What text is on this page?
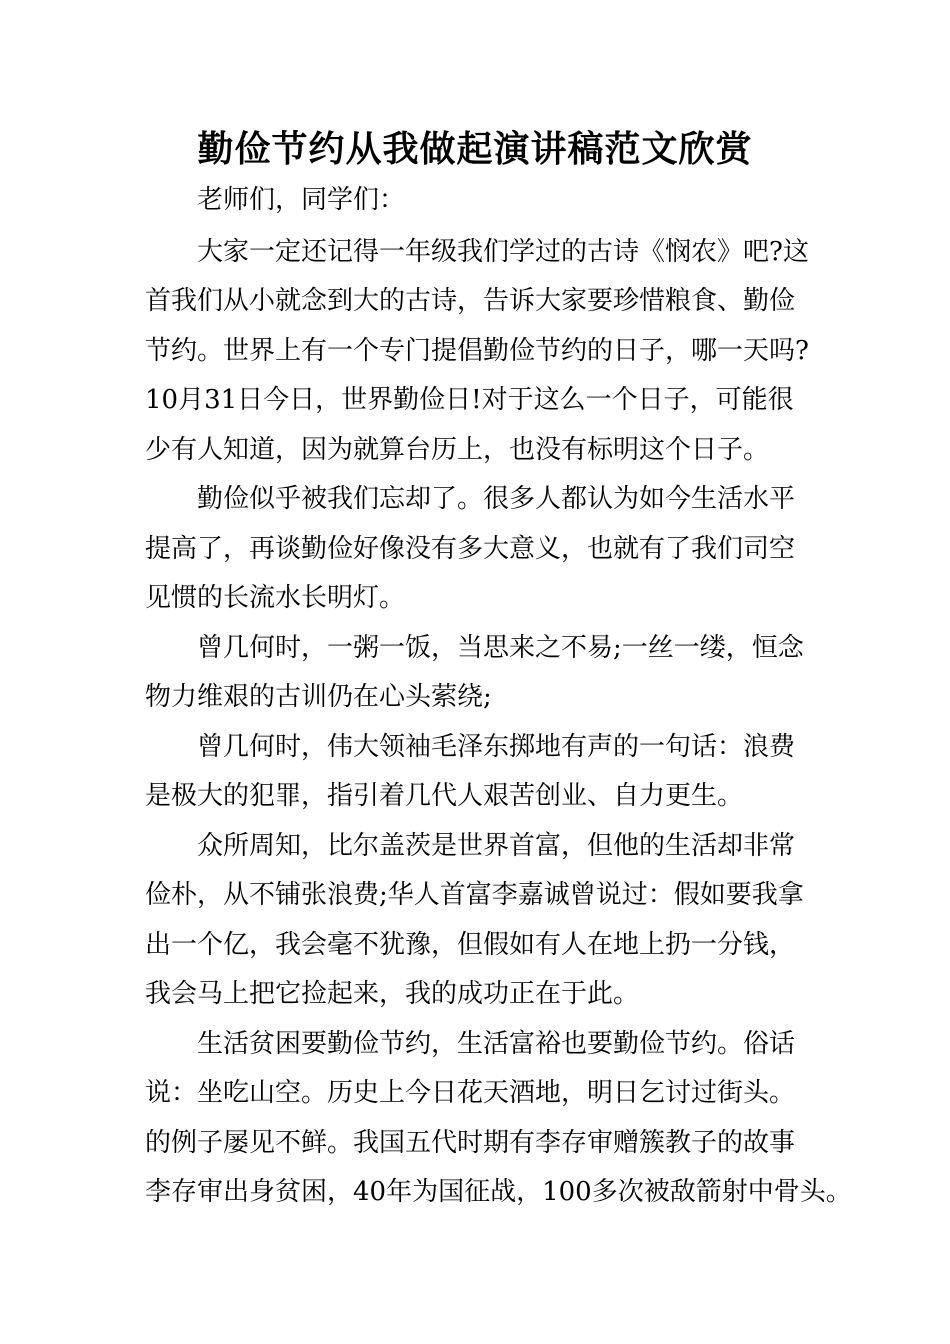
勤俭节约从我做起演讲稿范文欣赏

老师们，同学们：

大家一定还记得一年级我们学过的古诗《悯农》吧?这

首我们从小就念到大的古诗，告诉大家要珍惜粮食、勤俭

节约。世界上有一个专门提倡勤俭节约的日子，哪一天吗?

10月31日今日，世界勤俭日!对于这么一个日子，可能很

少有人知道，因为就算台历上，也没有标明这个日子。

勤俭似乎被我们忘却了。很多人都认为如今生活水平

提高了，再谈勤俭好像没有多大意义，也就有了我们司空

见惯的长流水长明灯。

曾几何时，一粥一饭，当思来之不易;一丝一缕，恒念

物力维艰的古训仍在心头萦绕;

曾几何时，伟大领袖毛泽东掷地有声的一句话：浪费

是极大的犯罪，指引着几代人艰苦创业、自力更生。

众所周知，比尔盖茨是世界首富，但他的生活却非常

俭朴，从不铺张浪费;华人首富李嘉诚曾说过：假如要我拿

出一个亿，我会毫不犹豫，但假如有人在地上扔一分钱，

我会马上把它捡起来，我的成功正在于此。

生活贫困要勤俭节约，生活富裕也要勤俭节约。俗话

说：坐吃山空。历史上今日花天酒地，明日乞讨过街头。

的例子屡见不鲜。我国五代时期有李存审赠簇教子的故事

李存审出身贫困，40年为国征战，100多次被敌箭射中骨头。
